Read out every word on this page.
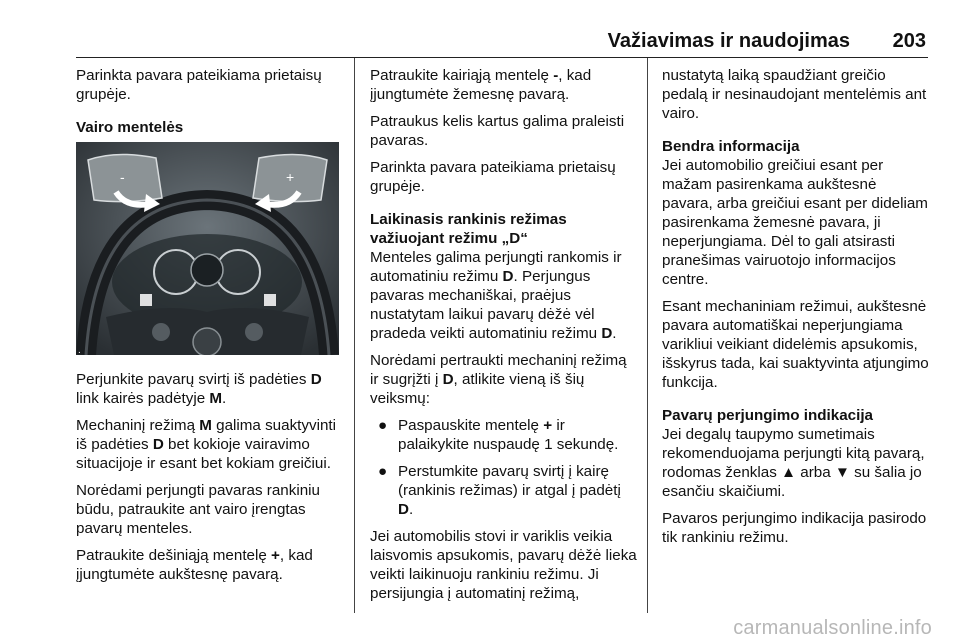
Važiavimas ir naudojimas 203

Parinkta pavara pateikiama prietaisų grupėje.

Vairo mentelės
-	+
.

Perjunkite pavarų svirtį iš padėties D link kairės padėtyje M.

Mechaninį režimą M galima suaktyvinti iš padėties D bet kokioje vairavimo situacijoje ir esant bet kokiam greičiui.

Norėdami perjungti pavaras rankiniu būdu, patraukite ant vairo įrengtas pavarų menteles.

Patraukite dešiniąją mentelę +, kad įjungtumėte aukštesnę pavarą.

Patraukite kairiąją mentelę -, kad įjungtumėte žemesnę pavarą.

Patraukus kelis kartus galima praleisti pavaras.

Parinkta pavara pateikiama prietaisų grupėje.

Laikinasis rankinis režimas važiuojant režimu „D“

Menteles galima perjungti rankomis ir automatiniu režimu D. Perjungus pavaras mechaniškai, praėjus nustatytam laikui pavarų dėžė vėl pradeda veikti automatiniu režimu D.

Norėdami pertraukti mechaninį režimą ir sugrįžti į D, atlikite vieną iš šių veiksmų:

● Paspauskite mentelę + ir palaikykite nuspaudę 1 sekundę.
● Perstumkite pavarų svirtį į kairę (rankinis režimas) ir atgal į padėtį D.

Jei automobilis stovi ir variklis veikia laisvomis apsukomis, pavarų dėžė lieka veikti laikinuoju rankiniu režimu. Ji persijungia į automatinį režimą,

nustatytą laiką spaudžiant greičio pedalą ir nesinaudojant mentelėmis ant vairo.

Bendra informacija

Jei automobilio greičiui esant per mažam pasirenkama aukštesnė pavara, arba greičiui esant per dideliam pasirenkama žemesnė pavara, ji neperjungiama. Dėl to gali atsirasti pranešimas vairuotojo informacijos centre.

Esant mechaniniam režimui, aukštesnė pavara automatiškai neperjungiama varikliui veikiant didelėmis apsukomis, išskyrus tada, kai suaktyvinta atjungimo funkcija.

Pavarų perjungimo indikacija

Jei degalų taupymo sumetimais rekomenduojama perjungti kitą pavarą, rodomas ženklas ▲ arba ▼ su šalia jo esančiu skaičiumi.

Pavaros perjungimo indikacija pasirodo tik rankiniu režimu.

carmanualsonline.info
